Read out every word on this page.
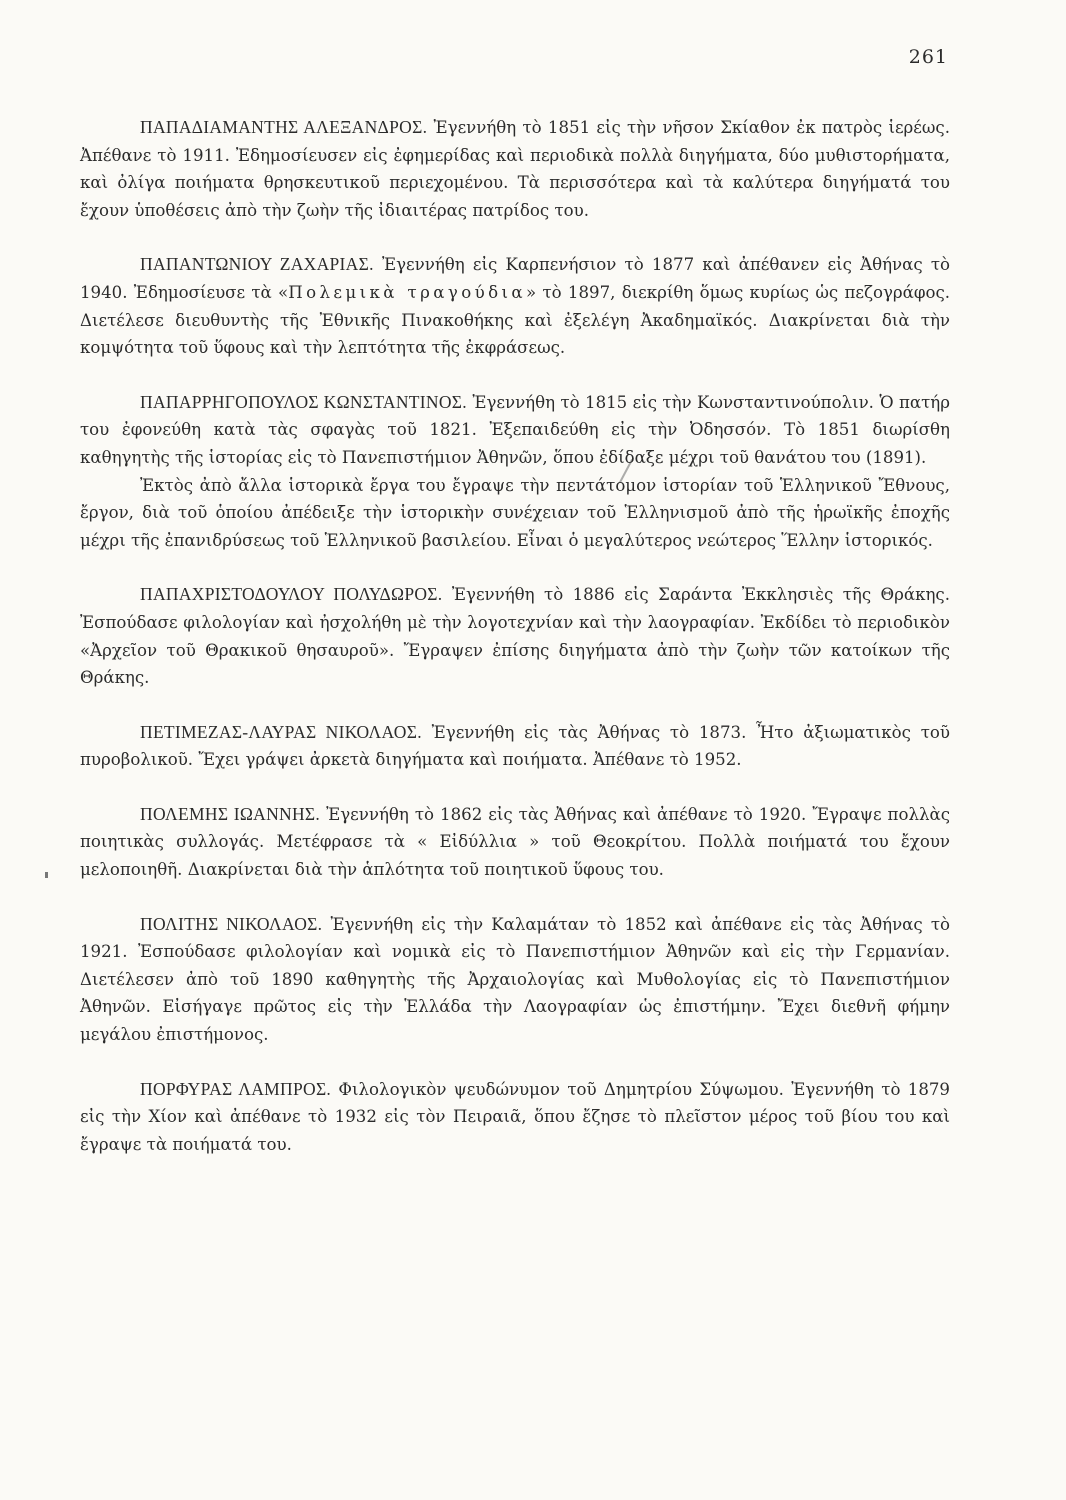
261

ΠΑΠΑΔΙΑΜΑΝΤΗΣ ΑΛΕΞΑΝΔΡΟΣ. Ἐγεννήθη τὸ 1851 εἰς τὴν νῆσον Σκίαθον ἐκ πατρὸς ἱερέως. Ἀπέθανε τὸ 1911. Ἐδημοσίευσεν εἰς ἐφημερίδας καὶ περιοδικὰ πολλὰ διηγήματα, δύο μυθιστορήματα, καὶ ὀλίγα ποιήματα θρησκευτικοῦ περιεχομένου. Τὰ περισσότερα καὶ τὰ καλύτερα διηγήματά του ἔχουν ὑποθέσεις ἀπὸ τὴν ζωὴν τῆς ἰδιαιτέρας πατρίδος του.

ΠΑΠΑΝΤΩΝΙΟΥ ΖΑΧΑΡΙΑΣ. Ἐγεννήθη εἰς Καρπενήσιον τὸ 1877 καὶ ἀπέθανεν εἰς Ἀθήνας τὸ 1940. Ἐδημοσίευσε τὰ «Πολεμικὰ τραγούδια» τὸ 1897, διεκρίθη ὅμως κυρίως ὡς πεζογράφος. Διετέλεσε διευθυντὴς τῆς Ἐθνικῆς Πινακοθήκης καὶ ἐξελέγη Ἀκαδημαϊκός. Διακρίνεται διὰ τὴν κομψότητα τοῦ ὕφους καὶ τὴν λεπτότητα τῆς ἐκφράσεως.

ΠΑΠΑΡΡΗΓΟΠΟΥΛΟΣ ΚΩΝΣΤΑΝΤΙΝΟΣ. Ἐγεννήθη τὸ 1815 εἰς τὴν Κωνσταντινούπολιν. Ὁ πατήρ του ἐφονεύθη κατὰ τὰς σφαγὰς τοῦ 1821. Ἐξεπαιδεύθη εἰς τὴν Ὀδησσόν. Τὸ 1851 διωρίσθη καθηγητὴς τῆς ἱστορίας εἰς τὸ Πανεπιστήμιον Ἀθηνῶν, ὅπου ἐδίδαξε μέχρι τοῦ θανάτου του (1891).
Ἐκτὸς ἀπὸ ἄλλα ἱστορικὰ ἔργα του ἔγραψε τὴν πεντάτομον ἱστορίαν τοῦ Ἑλληνικοῦ Ἔθνους, ἔργον, διὰ τοῦ ὁποίου ἀπέδειξε τὴν ἱστορικὴν συνέχειαν τοῦ Ἑλληνισμοῦ ἀπὸ τῆς ἡρωϊκῆς ἐποχῆς μέχρι τῆς ἐπανιδρύσεως τοῦ Ἑλληνικοῦ βασιλείου. Εἶναι ὁ μεγαλύτερος νεώτερος Ἕλλην ἱστορικός.

ΠΑΠΑΧΡΙΣΤΟΔΟΥΛΟΥ ΠΟΛΥΔΩΡΟΣ. Ἐγεννήθη τὸ 1886 εἰς Σαράντα Ἐκκλησιὲς τῆς Θράκης. Ἐσπούδασε φιλολογίαν καὶ ἠσχολήθη μὲ τὴν λογοτεχνίαν καὶ τὴν λαογραφίαν. Ἐκδίδει τὸ περιοδικὸν «Ἀρχεῖον τοῦ Θρακικοῦ θησαυροῦ». Ἔγραψεν ἐπίσης διηγήματα ἀπὸ τὴν ζωὴν τῶν κατοίκων τῆς Θράκης.

ΠΕΤΙΜΕΖΑΣ-ΛΑΥΡΑΣ ΝΙΚΟΛΑΟΣ. Ἐγεννήθη εἰς τὰς Ἀθήνας τὸ 1873. Ἦτο ἀξιωματικὸς τοῦ πυροβολικοῦ. Ἔχει γράψει ἀρκετὰ διηγήματα καὶ ποιήματα. Ἀπέθανε τὸ 1952.

ΠΟΛΕΜΗΣ ΙΩΑΝΝΗΣ. Ἐγεννήθη τὸ 1862 εἰς τὰς Ἀθήνας καὶ ἀπέθανε τὸ 1920. Ἔγραψε πολλὰς ποιητικὰς συλλογάς. Μετέφρασε τὰ « Εἰδύλλια » τοῦ Θεοκρίτου. Πολλὰ ποιήματά του ἔχουν μελοποιηθῆ. Διακρίνεται διὰ τὴν ἁπλότητα τοῦ ποιητικοῦ ὕφους του.

ΠΟΛΙΤΗΣ ΝΙΚΟΛΑΟΣ. Ἐγεννήθη εἰς τὴν Καλαμάταν τὸ 1852 καὶ ἀπέθανε εἰς τὰς Ἀθήνας τὸ 1921. Ἐσπούδασε φιλολογίαν καὶ νομικὰ εἰς τὸ Πανεπιστήμιον Ἀθηνῶν καὶ εἰς τὴν Γερμανίαν. Διετέλεσεν ἀπὸ τοῦ 1890 καθηγητὴς τῆς Ἀρχαιολογίας καὶ Μυθολογίας εἰς τὸ Πανεπιστήμιον Ἀθηνῶν. Εἰσήγαγε πρῶτος εἰς τὴν Ἑλλάδα τὴν Λαογραφίαν ὡς ἐπιστήμην. Ἔχει διεθνῆ φήμην μεγάλου ἐπιστήμονος.

ΠΟΡΦΥΡΑΣ ΛΑΜΠΡΟΣ. Φιλολογικὸν ψευδώνυμον τοῦ Δημητρίου Σύψωμου. Ἐγεννήθη τὸ 1879 εἰς τὴν Χίον καὶ ἀπέθανε τὸ 1932 εἰς τὸν Πειραιᾶ, ὅπου ἔζησε τὸ πλεῖστον μέρος τοῦ βίου του καὶ ἔγραψε τὰ ποιήματά του.
